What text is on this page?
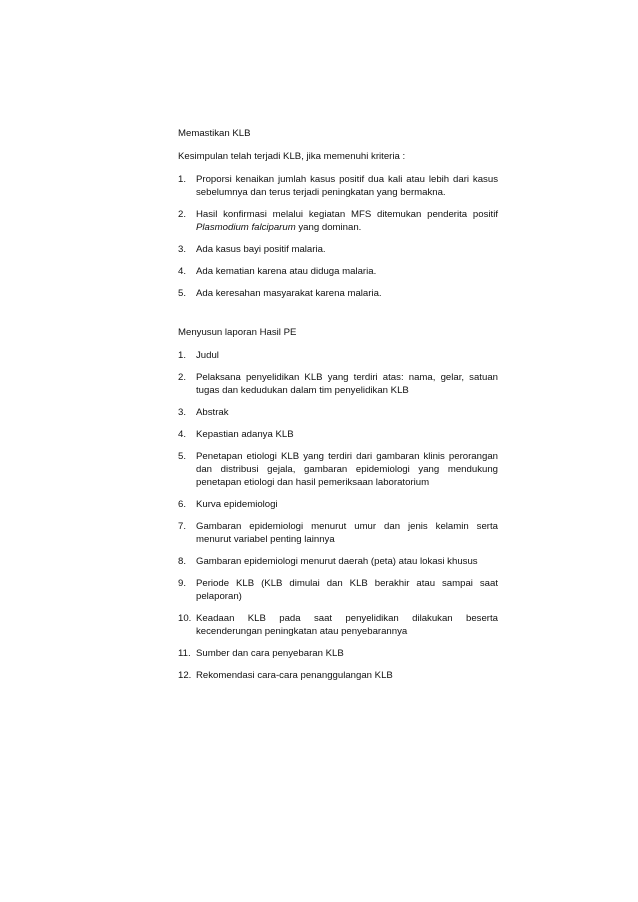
Memastikan KLB

Kesimpulan telah terjadi KLB, jika memenuhi kriteria :

1.	Proporsi kenaikan jumlah kasus positif dua kali atau lebih dari kasus sebelumnya dan terus terjadi peningkatan yang bermakna.
2.	Hasil konfirmasi melalui kegiatan MFS ditemukan penderita positif Plasmodium falciparum yang dominan.
3.	Ada kasus bayi positif malaria.
4.	Ada kematian karena atau diduga malaria.
5.	Ada keresahan masyarakat karena malaria.

Menyusun laporan Hasil PE

1.	Judul
2.	Pelaksana penyelidikan KLB yang terdiri atas: nama, gelar, satuan tugas dan kedudukan dalam tim penyelidikan KLB
3.	Abstrak
4.	Kepastian adanya KLB
5.	Penetapan etiologi KLB yang terdiri dari gambaran klinis perorangan dan distribusi gejala, gambaran epidemiologi yang mendukung penetapan etiologi dan hasil pemeriksaan laboratorium
6.	Kurva epidemiologi
7.	Gambaran epidemiologi menurut umur dan jenis kelamin serta menurut variabel penting lainnya
8.	Gambaran epidemiologi menurut daerah (peta) atau lokasi khusus
9.	Periode KLB (KLB dimulai dan KLB berakhir atau sampai saat pelaporan)
10. Keadaan KLB pada saat penyelidikan dilakukan beserta kecenderungan peningkatan atau penyebarannya
11. Sumber dan cara penyebaran KLB
12. Rekomendasi cara-cara penanggulangan KLB
